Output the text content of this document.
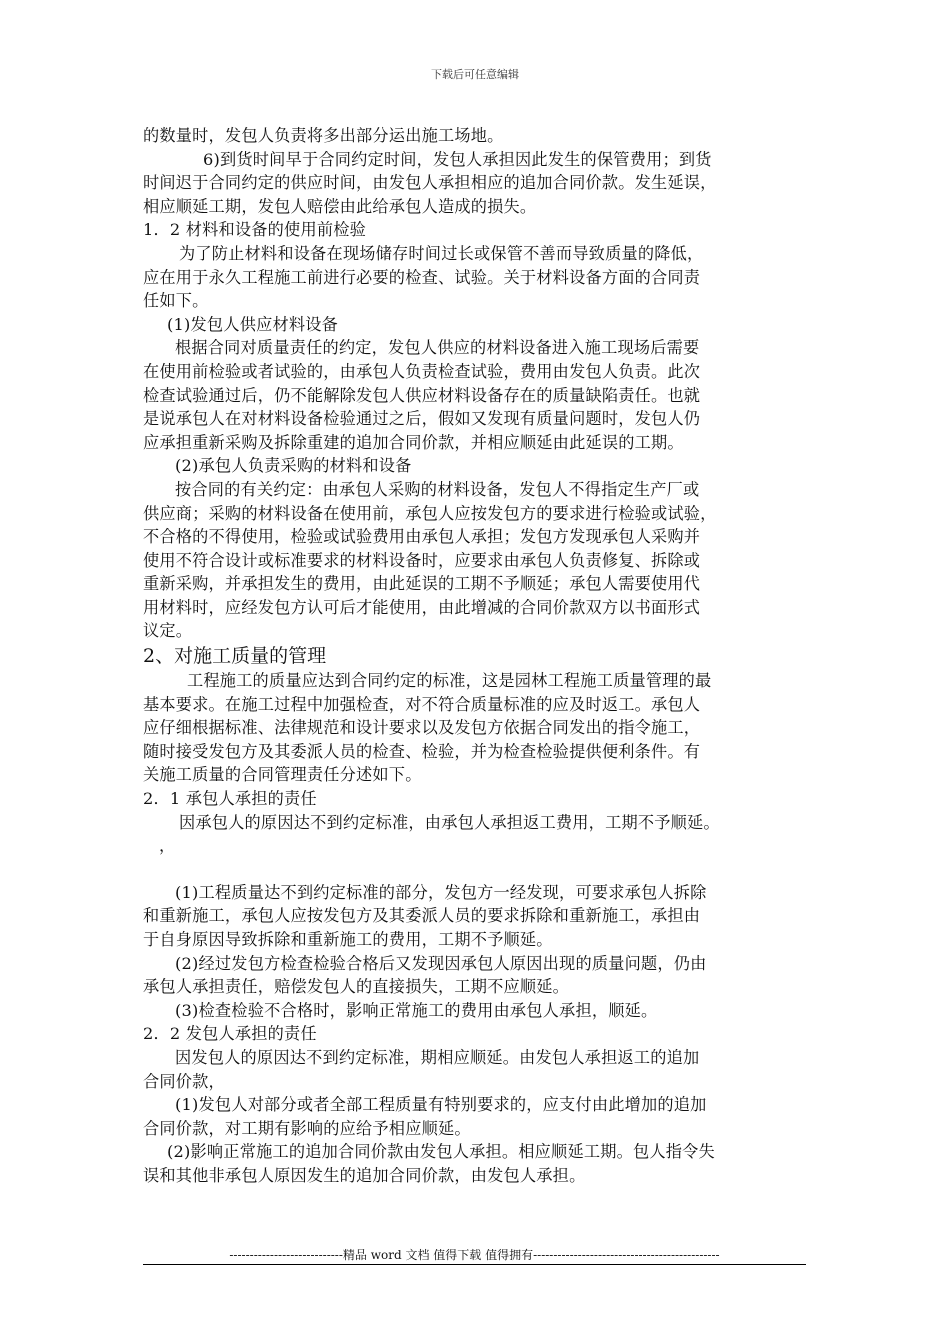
下载后可任意编辑
的数量时，发包人负责将多出部分运出施工场地。
6)到货时间早于合同约定时间，发包人承担因此发生的保管费用；到货
时间迟于合同约定的供应时间，由发包人承担相应的追加合同价款。发生延误，
相应顺延工期，发包人赔偿由此给承包人造成的损失。
1．2 材料和设备的使用前检验
为了防止材料和设备在现场储存时间过长或保管不善而导致质量的降低，
应在用于永久工程施工前进行必要的检查、试验。关于材料设备方面的合同责
任如下。
(1)发包人供应材料设备
根据合同对质量责任的约定，发包人供应的材料设备进入施工现场后需要
在使用前检验或者试验的，由承包人负责检查试验，费用由发包人负责。此次
检查试验通过后，仍不能解除发包人供应材料设备存在的质量缺陷责任。也就
是说承包人在对材料设备检验通过之后，假如又发现有质量问题时，发包人仍
应承担重新采购及拆除重建的追加合同价款，并相应顺延由此延误的工期。
(2)承包人负责采购的材料和设备
按合同的有关约定：由承包人采购的材料设备，发包人不得指定生产厂或
供应商；采购的材料设备在使用前，承包人应按发包方的要求进行检验或试验，
不合格的不得使用，检验或试验费用由承包人承担；发包方发现承包人采购并
使用不符合设计或标准要求的材料设备时，应要求由承包人负责修复、拆除或
重新采购，并承担发生的费用，由此延误的工期不予顺延；承包人需要使用代
用材料时，应经发包方认可后才能使用，由此增减的合同价款双方以书面形式
议定。
2、对施工质量的管理
工程施工的质量应达到合同约定的标准，这是园林工程施工质量管理的最
基本要求。在施工过程中加强检查，对不符合质量标准的应及时返工。承包人
应仔细根据标准、法律规范和设计要求以及发包方依据合同发出的指令施工，
随时接受发包方及其委派人员的检查、检验，并为检查检验提供便利条件。有
关施工质量的合同管理责任分述如下。
2．1 承包人承担的责任
因承包人的原因达不到约定标准，由承包人承担返工费用，工期不予顺延。
，
(1)工程质量达不到约定标准的部分，发包方一经发现，可要求承包人拆除
和重新施工，承包人应按发包方及其委派人员的要求拆除和重新施工，承担由
于自身原因导致拆除和重新施工的费用，工期不予顺延。
(2)经过发包方检查检验合格后又发现因承包人原因出现的质量问题，仍由
承包人承担责任，赔偿发包人的直接损失，工期不应顺延。
(3)检查检验不合格时，影响正常施工的费用由承包人承担，顺延。
2．2 发包人承担的责任
因发包人的原因达不到约定标准，期相应顺延。由发包人承担返工的追加
合同价款，
(1)发包人对部分或者全部工程质量有特别要求的，应支付由此增加的追加
合同价款，对工期有影响的应给予相应顺延。
(2)影响正常施工的追加合同价款由发包人承担。相应顺延工期。包人指令失
误和其他非承包人原因发生的追加合同价款，由发包人承担。
----------------------------精品 word 文档 值得下载 值得拥有----------------------------------------------
